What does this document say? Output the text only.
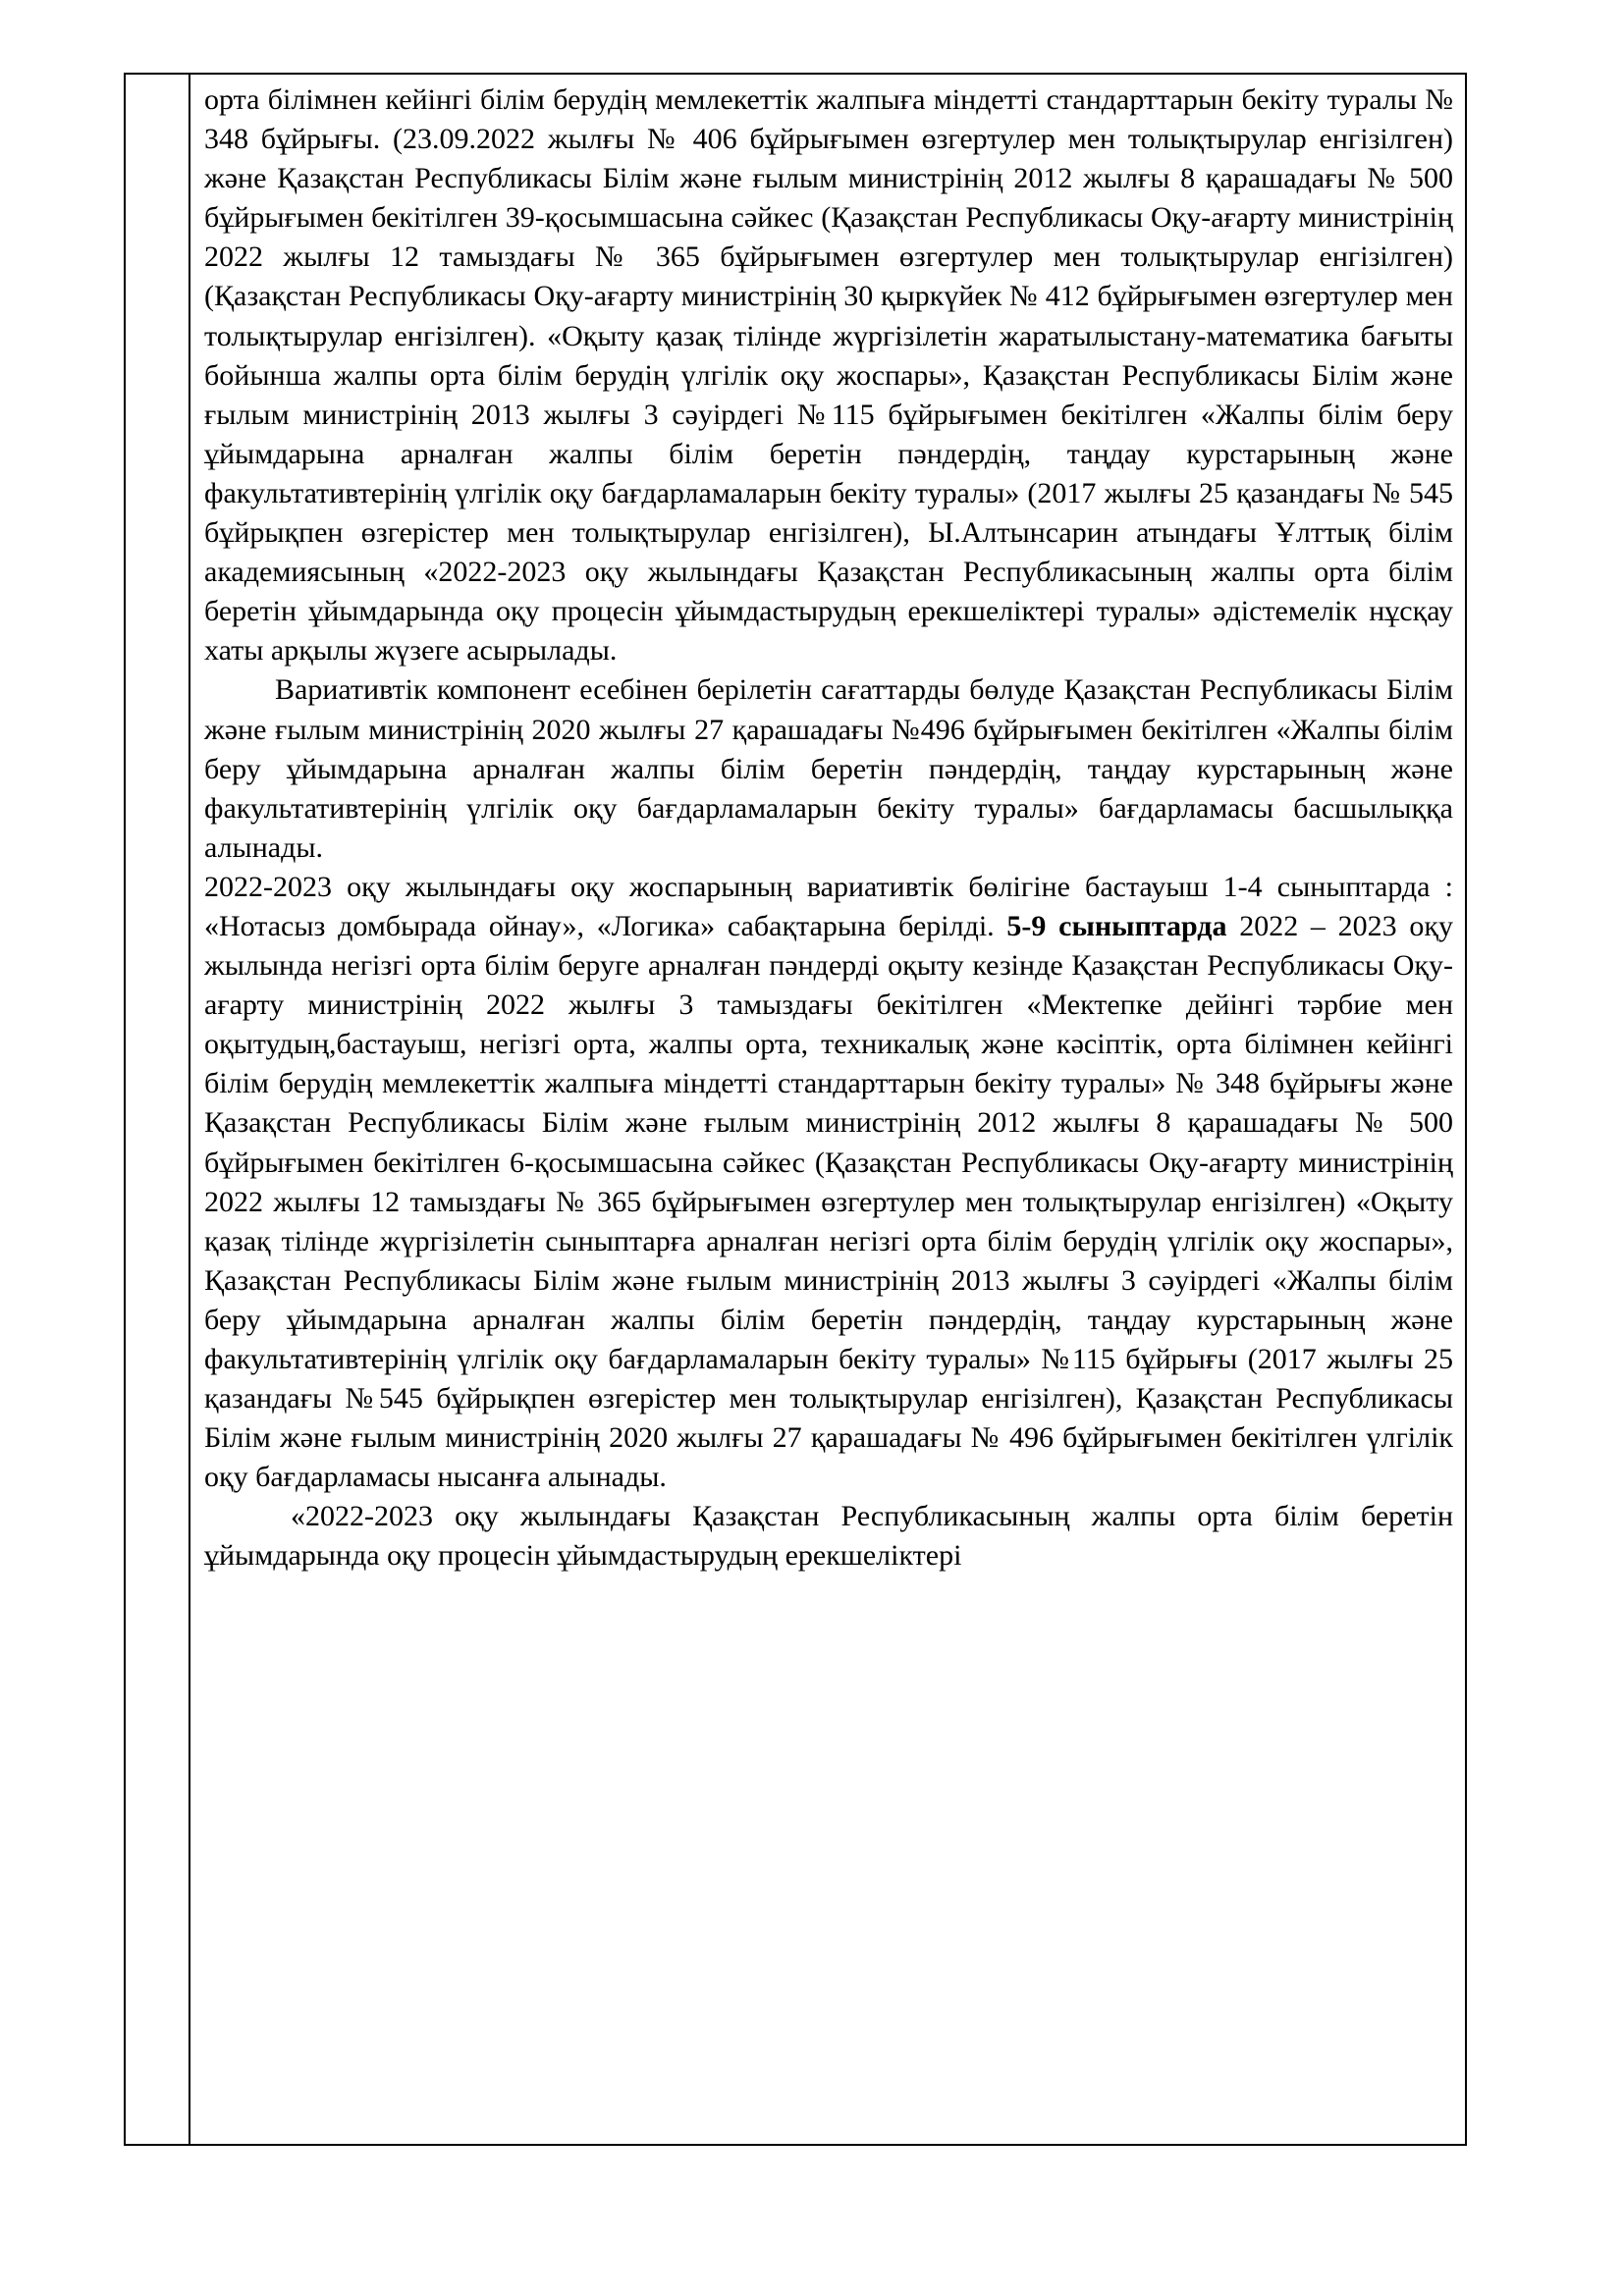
орта білімнен кейінгі білім берудің мемлекеттік жалпыға міндетті стандарттарын бекіту туралы № 348 бұйрығы. (23.09.2022 жылғы № 406 бұйрығымен өзгертулер мен толықтырулар енгізілген) және Қазақстан Республикасы Білім және ғылым министрінің 2012 жылғы 8 қарашадағы № 500 бұйрығымен бекітілген 39-қосымшасына сәйкес (Қазақстан Республикасы Оқу-ағарту министрінің 2022 жылғы 12 тамыздағы № 365 бұйрығымен өзгертулер мен толықтырулар енгізілген) (Қазақстан Республикасы Оқу-ағарту министрінің 30 қыркүйек № 412 бұйрығымен өзгертулер мен толықтырулар енгізілген). «Оқыту қазақ тілінде жүргізілетін жаратылыстану-математика бағыты бойынша жалпы орта білім берудің үлгілік оқу жоспары», Қазақстан Республикасы Білім және ғылым министрінің 2013 жылғы 3 сәуірдегі №115 бұйрығымен бекітілген «Жалпы білім беру ұйымдарына арналған жалпы білім беретін пәндердің, таңдау курстарының және факультативтерінің үлгілік оқу бағдарламаларын бекіту туралы» (2017 жылғы 25 қазандағы № 545 бұйрықпен өзгерістер мен толықтырулар енгізілген), Ы.Алтынсарин атындағы Ұлттық білім академиясының «2022-2023 оқу жылындағы Қазақстан Республикасының жалпы орта білім беретін ұйымдарында оқу процесін ұйымдастырудың ерекшеліктері туралы» әдістемелік нұсқау хаты арқылы жүзеге асырылады.

Вариативтік компонент есебінен берілетін сағаттарды бөлуде Қазақстан Республикасы Білім және ғылым министрінің 2020 жылғы 27 қарашадағы №496 бұйрығымен бекітілген «Жалпы білім беру ұйымдарына арналған жалпы білім беретін пәндердің, таңдау курстарының және факультативтерінің үлгілік оқу бағдарламаларын бекіту туралы» бағдарламасы басшылыққа алынады.

2022-2023 оқу жылындағы оқу жоспарының вариативтік бөлігіне бастауыш 1-4 сыныптарда : «Нотасыз домбырада ойнау», «Логика» сабақтарына берілді. 5-9 сыныптарда 2022 – 2023 оқу жылында негізгі орта білім беруге арналған пәндерді оқыту кезінде Қазақстан Республикасы Оқу-ағарту министрінің 2022 жылғы 3 тамыздағы бекітілген «Мектепке дейінгі тәрбие мен оқытудың,бастауыш, негізгі орта, жалпы орта, техникалық және кәсіптік, орта білімнен кейінгі білім берудің мемлекеттік жалпыға міндетті стандарттарын бекіту туралы» № 348 бұйрығы және Қазақстан Республикасы Білім және ғылым министрінің 2012 жылғы 8 қарашадағы № 500 бұйрығымен бекітілген 6-қосымшасына сәйкес (Қазақстан Республикасы Оқу-ағарту министрінің 2022 жылғы 12 тамыздағы № 365 бұйрығымен өзгертулер мен толықтырулар енгізілген) «Оқыту қазақ тілінде жүргізілетін сыныптарға арналған негізгі орта білім берудің үлгілік оқу жоспары», Қазақстан Республикасы Білім және ғылым министрінің 2013 жылғы 3 сәуірдегі «Жалпы білім беру ұйымдарына арналған жалпы білім беретін пәндердің, таңдау курстарының және факультативтерінің үлгілік оқу бағдарламаларын бекіту туралы» №115 бұйрығы (2017 жылғы 25 қазандағы №545 бұйрықпен өзгерістер мен толықтырулар енгізілген), Қазақстан Республикасы Білім және ғылым министрінің 2020 жылғы 27 қарашадағы № 496 бұйрығымен бекітілген үлгілік оқу бағдарламасы нысанға алынады.

«2022-2023 оқу жылындағы Қазақстан Республикасының жалпы орта білім беретін ұйымдарында оқу процесін ұйымдастырудың ерекшеліктері
